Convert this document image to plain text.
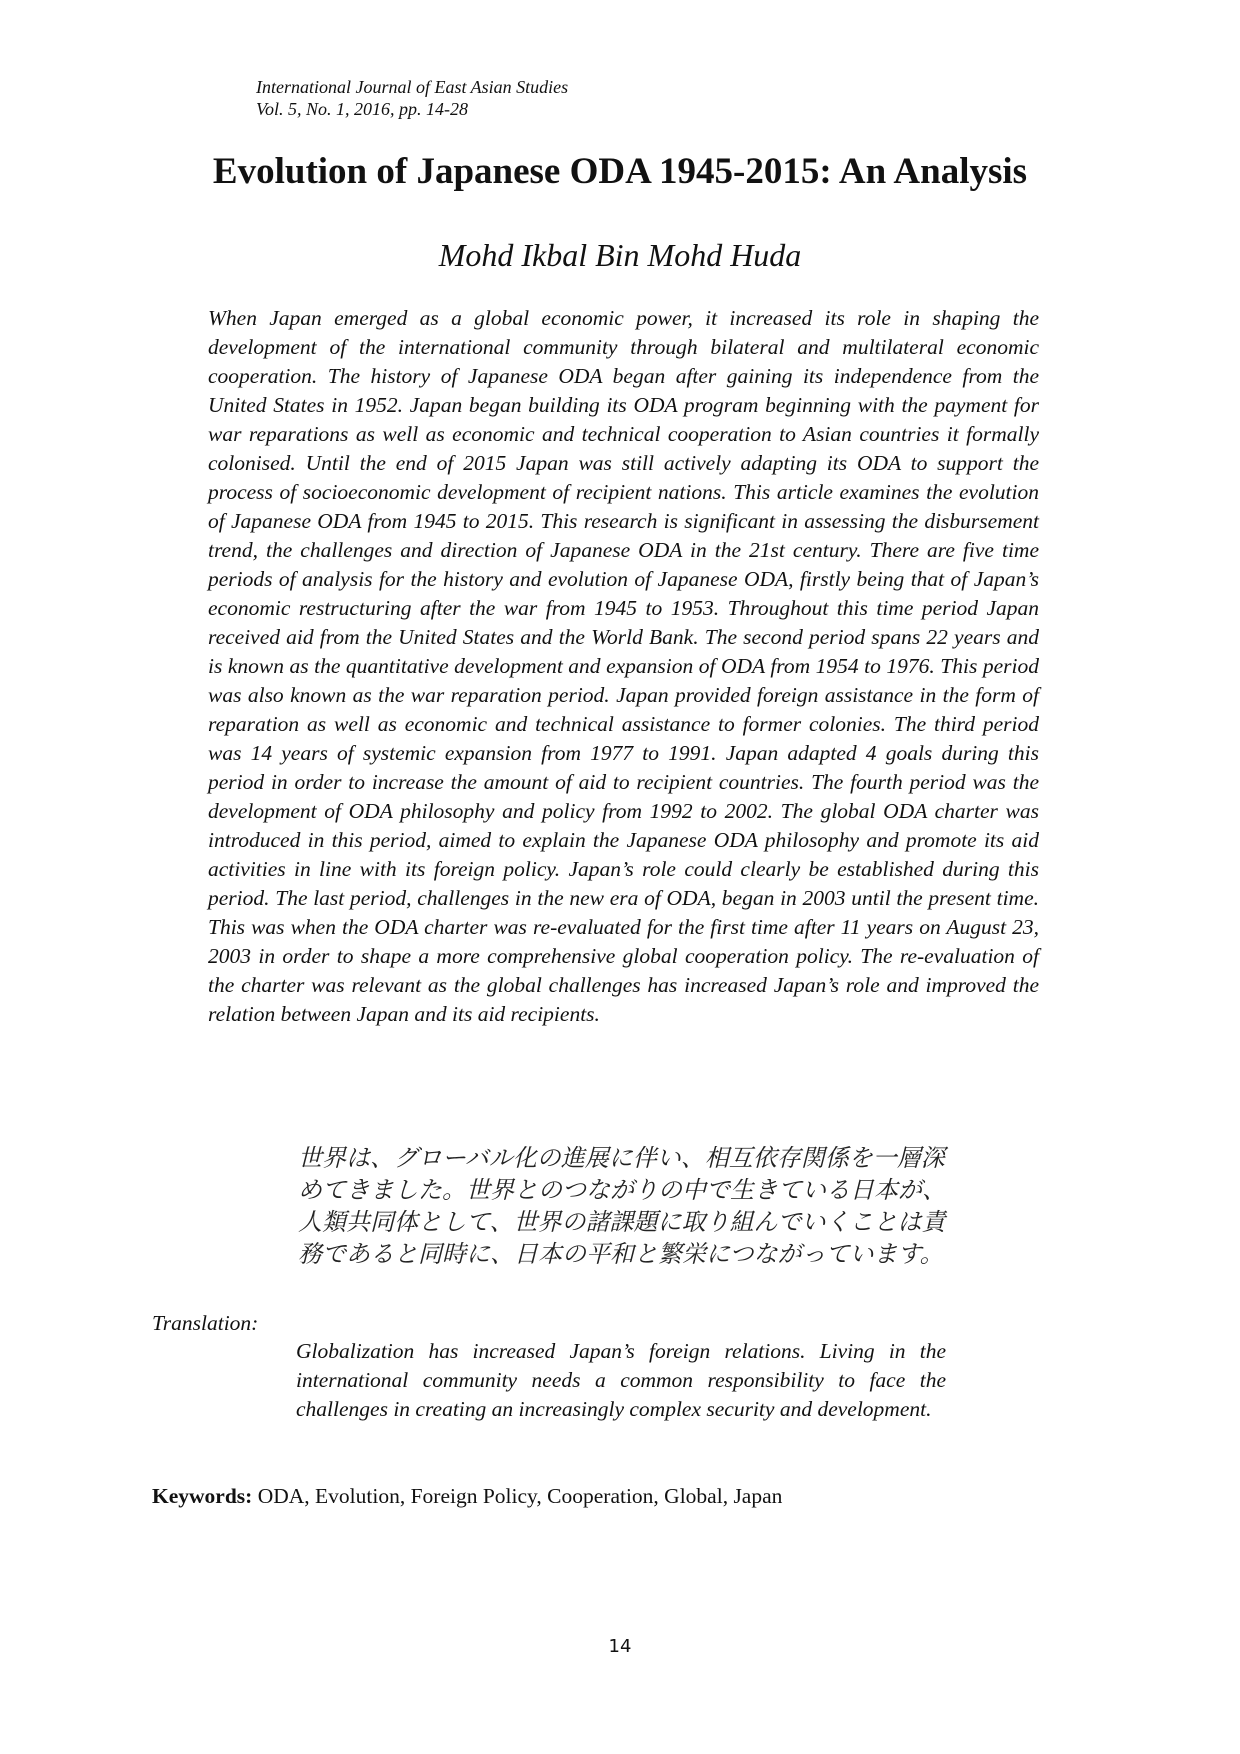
International Journal of East Asian Studies
Vol. 5, No. 1, 2016, pp. 14-28
Evolution of Japanese ODA 1945-2015: An Analysis
Mohd Ikbal Bin Mohd Huda

When Japan emerged as a global economic power, it increased its role in shaping the development of the international community through bilateral and multilateral economic cooperation. The history of Japanese ODA began after gaining its independence from the United States in 1952. Japan began building its ODA program beginning with the payment for war reparations as well as economic and technical cooperation to Asian countries it formally colonised. Until the end of 2015 Japan was still actively adapting its ODA to support the process of socioeconomic development of recipient nations. This article examines the evolution of Japanese ODA from 1945 to 2015. This research is significant in assessing the disbursement trend, the challenges and direction of Japanese ODA in the 21st century. There are five time periods of analysis for the history and evolution of Japanese ODA, firstly being that of Japan’s economic restructuring after the war from 1945 to 1953. Throughout this time period Japan received aid from the United States and the World Bank. The second period spans 22 years and is known as the quantitative development and expansion of ODA from 1954 to 1976. This period was also known as the war reparation period. Japan provided foreign assistance in the form of reparation as well as economic and technical assistance to former colonies. The third period was 14 years of systemic expansion from 1977 to 1991. Japan adapted 4 goals during this period in order to increase the amount of aid to recipient countries. The fourth period was the development of ODA philosophy and policy from 1992 to 2002. The global ODA charter was introduced in this period, aimed to explain the Japanese ODA philosophy and promote its aid activities in line with its foreign policy. Japan’s role could clearly be established during this period. The last period, challenges in the new era of ODA, began in 2003 until the present time. This was when the ODA charter was re-evaluated for the first time after 11 years on August 23, 2003 in order to shape a more comprehensive global cooperation policy. The re-evaluation of the charter was relevant as the global challenges has increased Japan’s role and improved the relation between Japan and its aid recipients.

世界は、グローバル化の進展に伴い、相互依存関係を一層深めてきました。世界とのつながりの中で生きている日本が、人類共同体として、世界の諸課題に取り組んでいくことは責務であると同時に、日本の平和と繁栄につながっています。

Translation:

Globalization has increased Japan’s foreign relations. Living in the international community needs a common responsibility to face the challenges in creating an increasingly complex security and development.

Keywords: ODA, Evolution, Foreign Policy, Cooperation, Global, Japan
14
